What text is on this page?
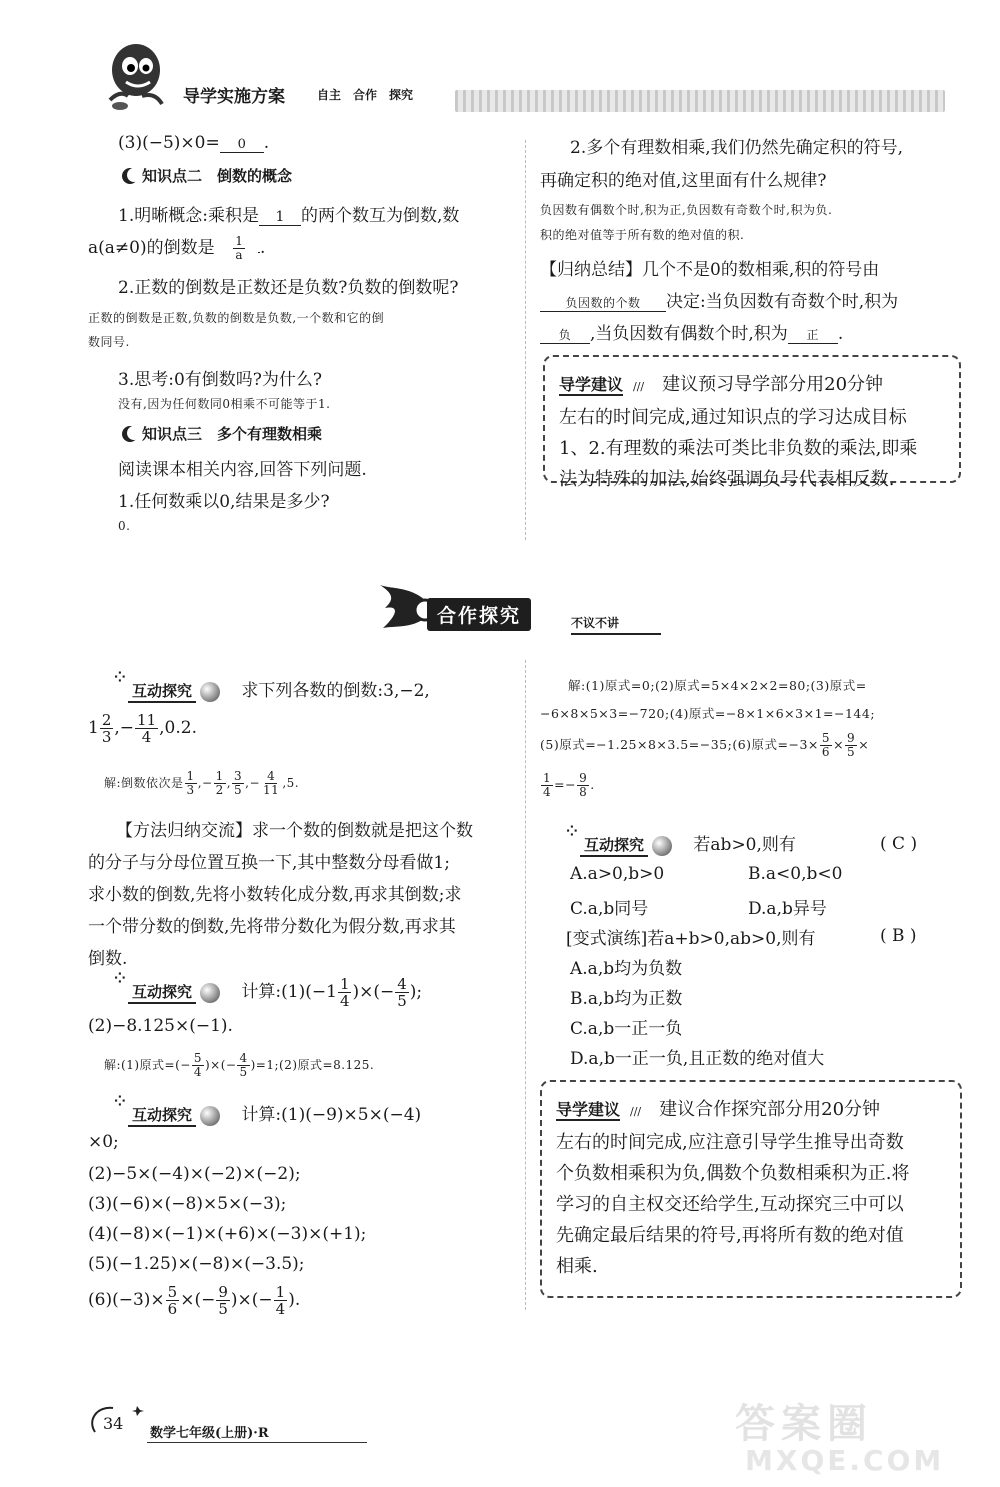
导学实施方案	自主　合作　探究
(3)(−5)×0= 0 .
知识点二　倒数的概念
1.明晰概念:乘积是 1 的两个数互为倒数,数
a(a≠0)的倒数是 $\frac{1}{a}$ .
2.正数的倒数是正数还是负数?负数的倒数呢?
正数的倒数是正数,负数的倒数是负数,一个数和它的倒
数同号.
3.思考:0有倒数吗?为什么?
没有,因为任何数同0相乘不可能等于1.
知识点三　多个有理数相乘
阅读课本相关内容,回答下列问题.
1.任何数乘以0,结果是多少?
0.
2.多个有理数相乘,我们仍然先确定积的符号,
再确定积的绝对值,这里面有什么规律?
负因数有偶数个时,积为正,负因数有奇数个时,积为负.
积的绝对值等于所有数的绝对值的积.
【归纳总结】几个不是0的数相乘,积的符号由
负因数的个数 决定:当负因数有奇数个时,积为
负 ,当负因数有偶数个时,积为 正 .
导学建议 ///　 建议预习导学部分用20分钟
左右的时间完成,通过知识点的学习达成目标
1、2.有理数的乘法可类比非负数的乘法,即乘
法为特殊的加法,始终强调负号代表相反数.
合作探究	不议不讲
⁘ 互动探究	求下列各数的倒数:3,−2,
$1 \frac{2}{3}$ ,− $\frac{11}{4} ,0.2$.
解:倒数依次是 $\frac{1}{3}$ ,− $\frac{1}{2}$ , $\frac{3}{5}$ ,− $\frac{4}{11} ,5$.
【方法归纳交流】求一个数的倒数就是把这个数
的分子与分母位置互换一下,其中整数分母看做1;
求小数的倒数,先将小数转化成分数,再求其倒数;求
一个带分数的倒数,先将带分数化为假分数,再求其
倒数.
⁘ 互动探究	计算:(1)(−1 $\frac{1}{4}$ )×(− $\frac{4}{5}$ );
(2)−8.125×(−1).
解:(1)原式=(− $\frac{5}{4}$ )×(− $\frac{4}{5}$ )=1;(2)原式=8.125.
⁘ 互动探究	计算:(1)(−9)×5×(−4)
×0;
(2)−5×(−4)×(−2)×(−2);
(3)(−6)×(−8)×5×(−3);
(4)(−8)×(−1)×(+6)×(−3)×(+1);
(5)(−1.25)×(−8)×(−3.5);
$(6)(-3)\times \frac{5}{6}$ ×(− $\frac{9}{5}$ )×(− $\frac{1}{4}$ ).
解:(1)原式=0;(2)原式=5×4×2×2=80;(3)原式=
−6×8×5×3=−720;(4)原式=−8×1×6×3×1=−144;
(5)原式=−1.25×8×3.5=−35;(6)原式$=-3\times \frac{5}{6} \times \frac{9}{5}$ ×
$\frac{1}{4} =- \frac{9}{8}$ .
⁘ 互动探究	若ab>0,则有	( C )
A.a>0,b>0	B.a<0,b<0
C.a,b同号	D.a,b异号
[变式演练]若a+b>0,ab>0,则有	( B )
A.a,b均为负数
B.a,b均为正数
C.a,b一正一负
D.a,b一正一负,且正数的绝对值大
导学建议 ///　 建议合作探究部分用20分钟
左右的时间完成,应注意引导学生推导出奇数
个负数相乘积为负,偶数个负数相乘积为正.将
学习的自主权交还给学生,互动探究三中可以
先确定最后结果的符号,再将所有数的绝对值
相乘.
34
数学七年级(上册)·R	答案圈
MXQE.COM
